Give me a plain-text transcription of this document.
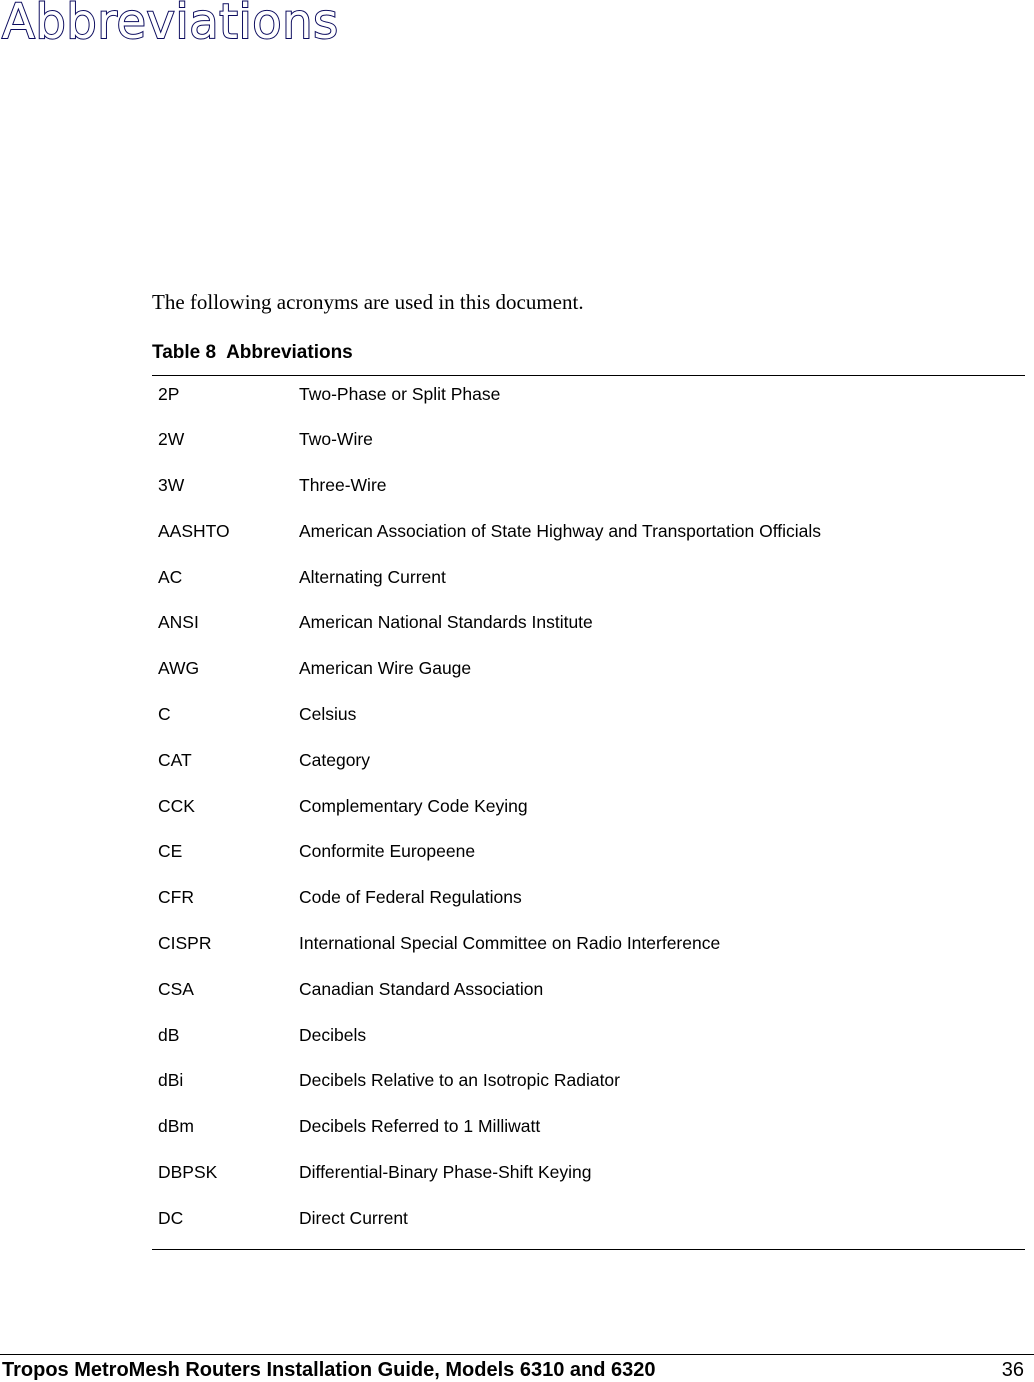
Abbreviations

The following acronyms are used in this document.

Table 8 Abbreviations

2P	Two-Phase or Split Phase
2W	Two-Wire
3W	Three-Wire
AASHTO	American Association of State Highway and Transportation Officials
AC	Alternating Current
ANSI	American National Standards Institute
AWG	American Wire Gauge
C	Celsius
CAT	Category
CCK	Complementary Code Keying
CE	Conformite Europeene
CFR	Code of Federal Regulations
CISPR	International Special Committee on Radio Interference
CSA	Canadian Standard Association
dB	Decibels
dBi	Decibels Relative to an Isotropic Radiator
dBm	Decibels Referred to 1 Milliwatt
DBPSK	Differential-Binary Phase-Shift Keying
DC	Direct Current

Tropos MetroMesh Routers Installation Guide, Models 6310 and 6320	36
